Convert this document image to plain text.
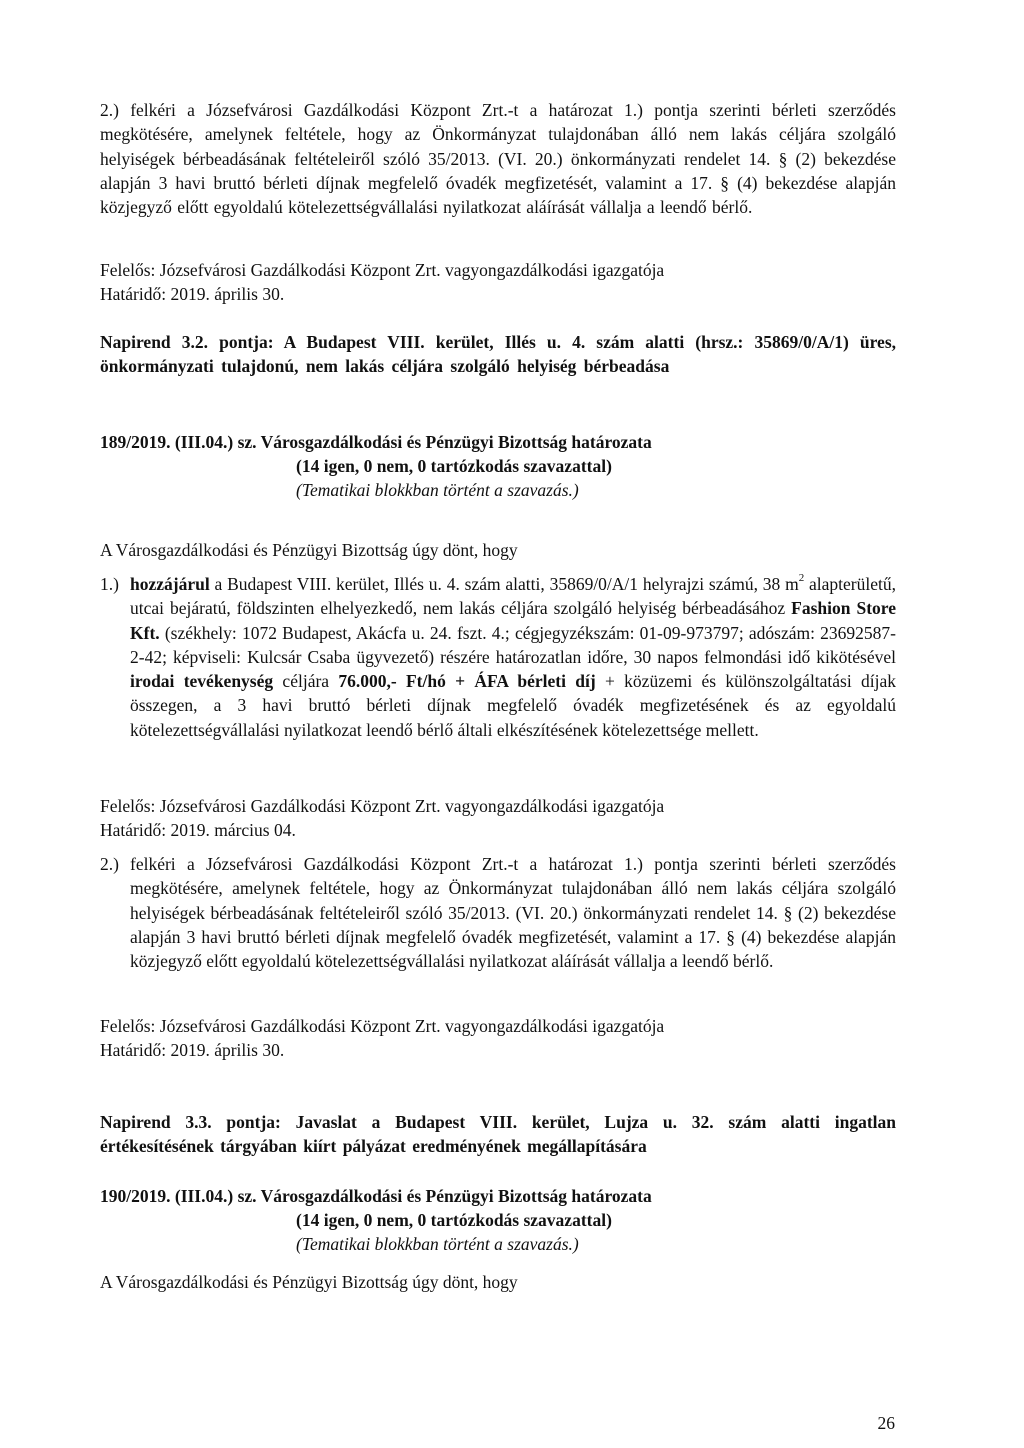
2.) felkéri a Józsefvárosi Gazdálkodási Központ Zrt.-t a határozat 1.) pontja szerinti bérleti szerződés megkötésére, amelynek feltétele, hogy az Önkormányzat tulajdonában álló nem lakás céljára szolgáló helyiségek bérbeadásának feltételeiről szóló 35/2013. (VI. 20.) önkormányzati rendelet 14. § (2) bekezdése alapján 3 havi bruttó bérleti díjnak megfelelő óvadék megfizetését, valamint a 17. § (4) bekezdése alapján közjegyző előtt egyoldalú kötelezettségvállalási nyilatkozat aláírását vállalja a leendő bérlő.

Felelős: Józsefvárosi Gazdálkodási Központ Zrt. vagyongazdálkodási igazgatója

Határidő: 2019. április 30.

Napirend 3.2. pontja: A Budapest VIII. kerület, Illés u. 4. szám alatti (hrsz.: 35869/0/A/1) üres, önkormányzati tulajdonú, nem lakás céljára szolgáló helyiség bérbeadása

189/2019. (III.04.) sz. Városgazdálkodási és Pénzügyi Bizottság határozata

(14 igen, 0 nem, 0 tartózkodás szavazattal)

(Tematikai blokkban történt a szavazás.)

A Városgazdálkodási és Pénzügyi Bizottság úgy dönt, hogy

1.) hozzájárul a Budapest VIII. kerület, Illés u. 4. szám alatti, 35869/0/A/1 helyrajzi számú, 38 $m^2$ alapterületű, utcai bejáratú, földszinten elhelyezkedő, nem lakás céljára szolgáló helyiség bérbeadásához Fashion Store Kft. (székhely: 1072 Budapest, Akácfa u. 24. fszt. 4.; cégjegyzékszám: 01-09-973797; adószám: 23692587-2-42; képviseli: Kulcsár Csaba ügyvezető) részére határozatlan időre, 30 napos felmondási idő kikötésével irodai tevékenység céljára 76.000,- Ft/hó + ÁFA bérleti díj + közüzemi és különszolgáltatási díjak összegen, a 3 havi bruttó bérleti díjnak megfelelő óvadék megfizetésének és az egyoldalú kötelezettségvállalási nyilatkozat leendő bérlő általi elkészítésének kötelezettsége mellett.

Felelős: Józsefvárosi Gazdálkodási Központ Zrt. vagyongazdálkodási igazgatója

Határidő: 2019. március 04.

2.) felkéri a Józsefvárosi Gazdálkodási Központ Zrt.-t a határozat 1.) pontja szerinti bérleti szerződés megkötésére, amelynek feltétele, hogy az Önkormányzat tulajdonában álló nem lakás céljára szolgáló helyiségek bérbeadásának feltételeiről szóló 35/2013. (VI. 20.) önkormányzati rendelet 14. § (2) bekezdése alapján 3 havi bruttó bérleti díjnak megfelelő óvadék megfizetését, valamint a 17. § (4) bekezdése alapján közjegyző előtt egyoldalú kötelezettségvállalási nyilatkozat aláírását vállalja a leendő bérlő.

Felelős: Józsefvárosi Gazdálkodási Központ Zrt. vagyongazdálkodási igazgatója

Határidő: 2019. április 30.

Napirend 3.3. pontja: Javaslat a Budapest VIII. kerület, Lujza u. 32. szám alatti ingatlan értékesítésének tárgyában kiírt pályázat eredményének megállapítására

190/2019. (III.04.) sz. Városgazdálkodási és Pénzügyi Bizottság határozata

(14 igen, 0 nem, 0 tartózkodás szavazattal)

(Tematikai blokkban történt a szavazás.)

A Városgazdálkodási és Pénzügyi Bizottság úgy dönt, hogy

26
